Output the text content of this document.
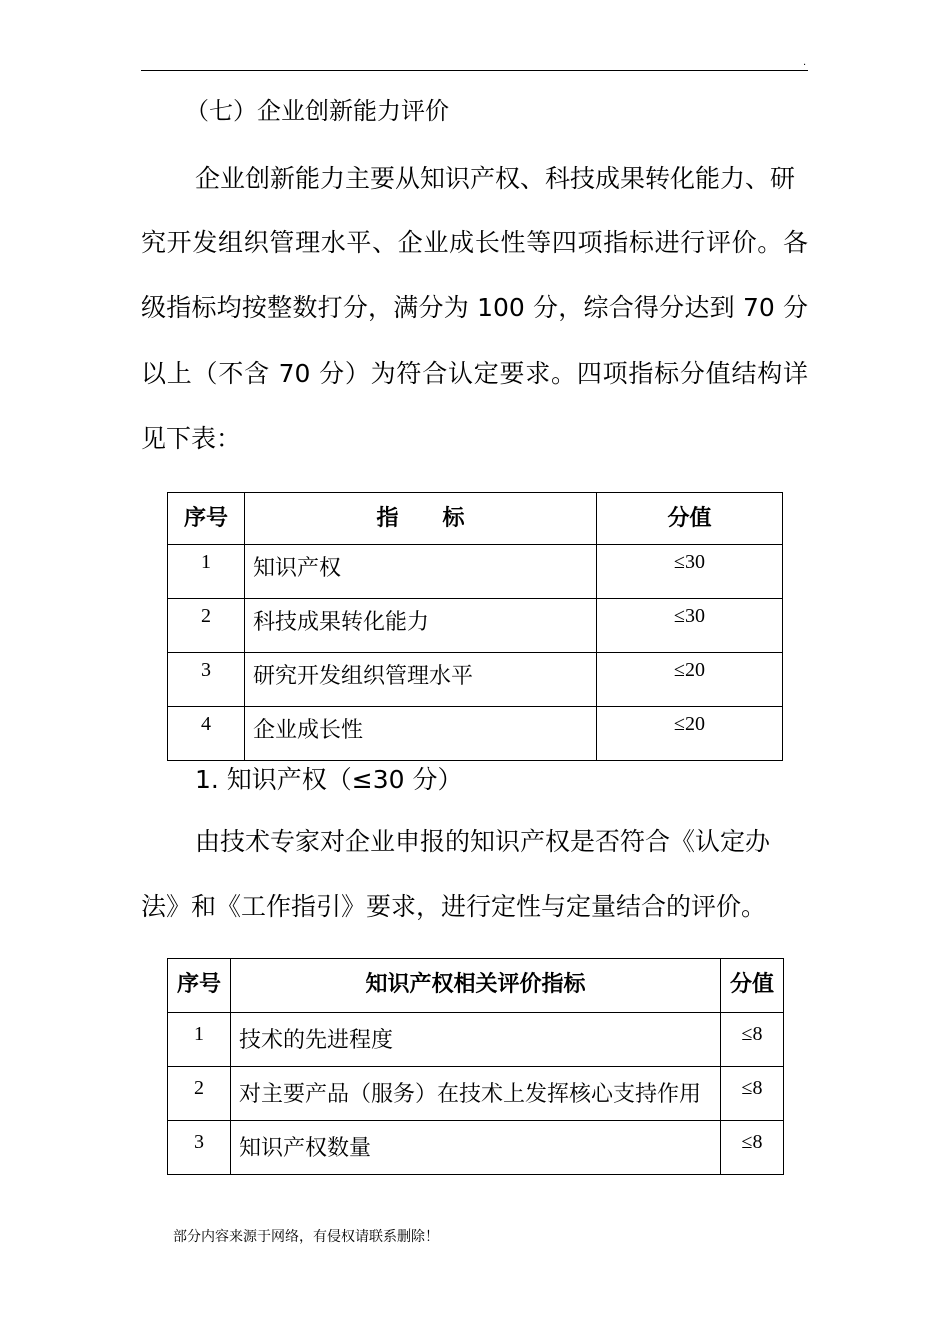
.
（七）企业创新能力评价
企业创新能力主要从知识产权、科技成果转化能力、研
究开发组织管理水平、企业成长性等四项指标进行评价。各
级指标均按整数打分，满分为 100 分，综合得分达到 70 分
以上（不含 70 分）为符合认定要求。四项指标分值结构详
见下表：
序号	指　　标	分值
1	知识产权	≤30
2	科技成果转化能力	≤30
3	研究开发组织管理水平	≤20
4	企业成长性	≤20
1. 知识产权（≤30 分）
由技术专家对企业申报的知识产权是否符合《认定办
法》和《工作指引》要求，进行定性与定量结合的评价。
序号	知识产权相关评价指标	分值
1	技术的先进程度	≤8
2	对主要产品（服务）在技术上发挥核心支持作用	≤8
3	知识产权数量	≤8
部分内容来源于网络，有侵权请联系删除！
